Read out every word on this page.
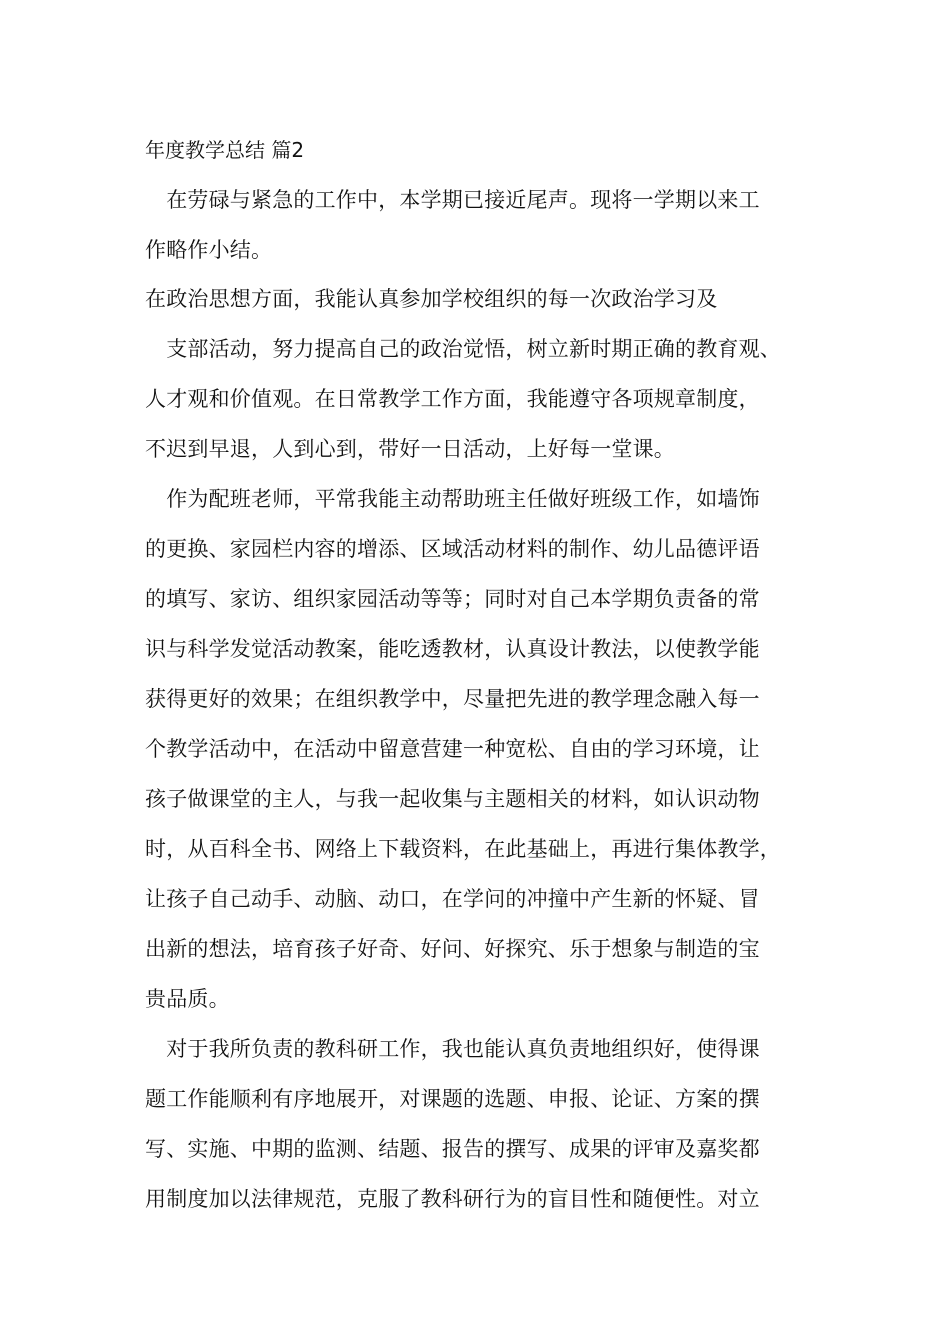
年度教学总结 篇2
　在劳碌与紧急的工作中，本学期已接近尾声。现将一学期以来工
作略作小结。
在政治思想方面，我能认真参加学校组织的每一次政治学习及
　支部活动，努力提高自己的政治觉悟，树立新时期正确的教育观、
人才观和价值观。在日常教学工作方面，我能遵守各项规章制度，
不迟到早退，人到心到，带好一日活动，上好每一堂课。
　作为配班老师，平常我能主动帮助班主任做好班级工作，如墙饰
的更换、家园栏内容的增添、区域活动材料的制作、幼儿品德评语
的填写、家访、组织家园活动等等；同时对自己本学期负责备的常
识与科学发觉活动教案，能吃透教材，认真设计教法，以使教学能
获得更好的效果；在组织教学中，尽量把先进的教学理念融入每一
个教学活动中，在活动中留意营建一种宽松、自由的学习环境，让
孩子做课堂的主人，与我一起收集与主题相关的材料，如认识动物
时，从百科全书、网络上下载资料，在此基础上，再进行集体教学，
让孩子自己动手、动脑、动口，在学问的冲撞中产生新的怀疑、冒
出新的想法，培育孩子好奇、好问、好探究、乐于想象与制造的宝
贵品质。
　对于我所负责的教科研工作，我也能认真负责地组织好，使得课
题工作能顺利有序地展开，对课题的选题、申报、论证、方案的撰
写、实施、中期的监测、结题、报告的撰写、成果的评审及嘉奖都
用制度加以法律规范，克服了教科研行为的盲目性和随便性。对立
